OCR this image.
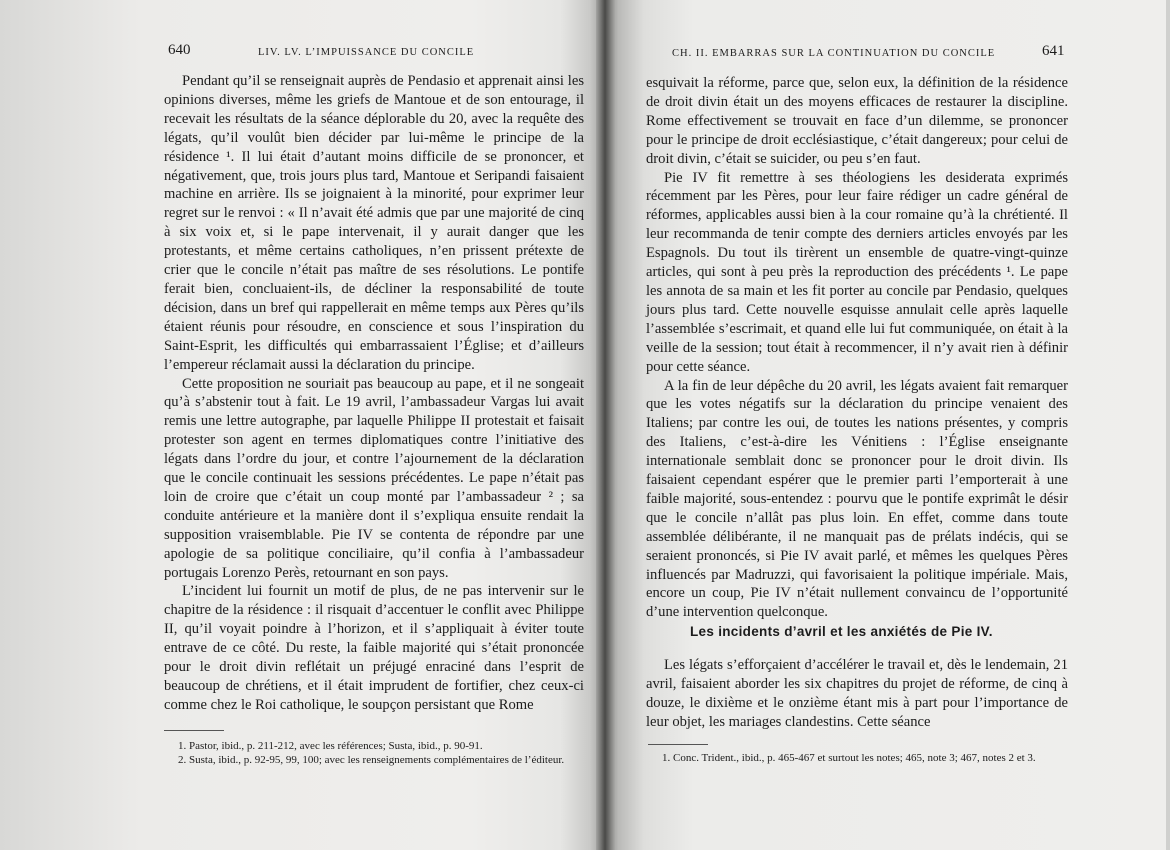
640	LIV. LV. L’IMPUISSANCE DU CONCILE

Pendant qu’il se renseignait auprès de Pendasio et apprenait ainsi les opinions diverses, même les griefs de Mantoue et de son entourage, il recevait les résultats de la séance déplorable du 20, avec la requête des légats, qu’il voulût bien décider par lui-même le principe de la résidence ¹. Il lui était d’autant moins difficile de se prononcer, et négativement, que, trois jours plus tard, Mantoue et Seripandi faisaient machine en arrière. Ils se joignaient à la minorité, pour exprimer leur regret sur le renvoi : « Il n’avait été admis que par une majorité de cinq à six voix et, si le pape intervenait, il y aurait danger que les protestants, et même certains catholiques, n’en prissent prétexte de crier que le concile n’était pas maître de ses résolutions. Le pontife ferait bien, concluaient-ils, de décliner la responsabilité de toute décision, dans un bref qui rappellerait en même temps aux Pères qu’ils étaient réunis pour résoudre, en conscience et sous l’inspiration du Saint-Esprit, les difficultés qui embarrassaient l’Église; et d’ailleurs l’empereur réclamait aussi la déclaration du principe.

Cette proposition ne souriait pas beaucoup au pape, et il ne songeait qu’à s’abstenir tout à fait. Le 19 avril, l’ambassadeur Vargas lui avait remis une lettre autographe, par laquelle Philippe II protestait et faisait protester son agent en termes diplomatiques contre l’initiative des légats dans l’ordre du jour, et contre l’ajournement de la déclaration que le concile continuait les sessions précédentes. Le pape n’était pas loin de croire que c’était un coup monté par l’ambassadeur ² ; sa conduite antérieure et la manière dont il s’expliqua ensuite rendait la supposition vraisemblable. Pie IV se contenta de répondre par une apologie de sa politique conciliaire, qu’il confia à l’ambassadeur portugais Lorenzo Perès, retournant en son pays.

L’incident lui fournit un motif de plus, de ne pas intervenir sur le chapitre de la résidence : il risquait d’accentuer le conflit avec Philippe II, qu’il voyait poindre à l’horizon, et il s’appliquait à éviter toute entrave de ce côté. Du reste, la faible majorité qui s’était prononcée pour le droit divin reflétait un préjugé enraciné dans l’esprit de beaucoup de chrétiens, et il était imprudent de fortifier, chez ceux-ci comme chez le Roi catholique, le soupçon persistant que Rome

1. Pastor, ibid., p. 211-212, avec les références; Susta, ibid., p. 90-91.

2. Susta, ibid., p. 92-95, 99, 100; avec les renseignements complémentaires de l’éditeur.

CH. II. EMBARRAS SUR LA CONTINUATION DU CONCILE	641

esquivait la réforme, parce que, selon eux, la définition de la résidence de droit divin était un des moyens efficaces de restaurer la discipline. Rome effectivement se trouvait en face d’un dilemme, se prononcer pour le principe de droit ecclésiastique, c’était dangereux; pour celui de droit divin, c’était se suicider, ou peu s’en faut.

Pie IV fit remettre à ses théologiens les desiderata exprimés récemment par les Pères, pour leur faire rédiger un cadre général de réformes, applicables aussi bien à la cour romaine qu’à la chrétienté. Il leur recommanda de tenir compte des derniers articles envoyés par les Espagnols. Du tout ils tirèrent un ensemble de quatre-vingt-quinze articles, qui sont à peu près la reproduction des précédents ¹. Le pape les annota de sa main et les fit porter au concile par Pendasio, quelques jours plus tard. Cette nouvelle esquisse annulait celle après laquelle l’assemblée s’escrimait, et quand elle lui fut communiquée, on était à la veille de la session; tout était à recommencer, il n’y avait rien à définir pour cette séance.

A la fin de leur dépêche du 20 avril, les légats avaient fait remarquer que les votes négatifs sur la déclaration du principe venaient des Italiens; par contre les oui, de toutes les nations présentes, y compris des Italiens, c’est-à-dire les Vénitiens : l’Église enseignante internationale semblait donc se prononcer pour le droit divin. Ils faisaient cependant espérer que le premier parti l’emporterait à une faible majorité, sous-entendez : pourvu que le pontife exprimât le désir que le concile n’allât pas plus loin. En effet, comme dans toute assemblée délibérante, il ne manquait pas de prélats indécis, qui se seraient prononcés, si Pie IV avait parlé, et mêmes les quelques Pères influencés par Madruzzi, qui favorisaient la politique impériale. Mais, encore un coup, Pie IV n’était nullement convaincu de l’opportunité d’une intervention quelconque.

Les incidents d’avril et les anxiétés de Pie IV.

Les légats s’efforçaient d’accélérer le travail et, dès le lendemain, 21 avril, faisaient aborder les six chapitres du projet de réforme, de cinq à douze, le dixième et le onzième étant mis à part pour l’importance de leur objet, les mariages clandestins. Cette séance

1. Conc. Trident., ibid., p. 465-467 et surtout les notes; 465, note 3; 467, notes 2 et 3.
